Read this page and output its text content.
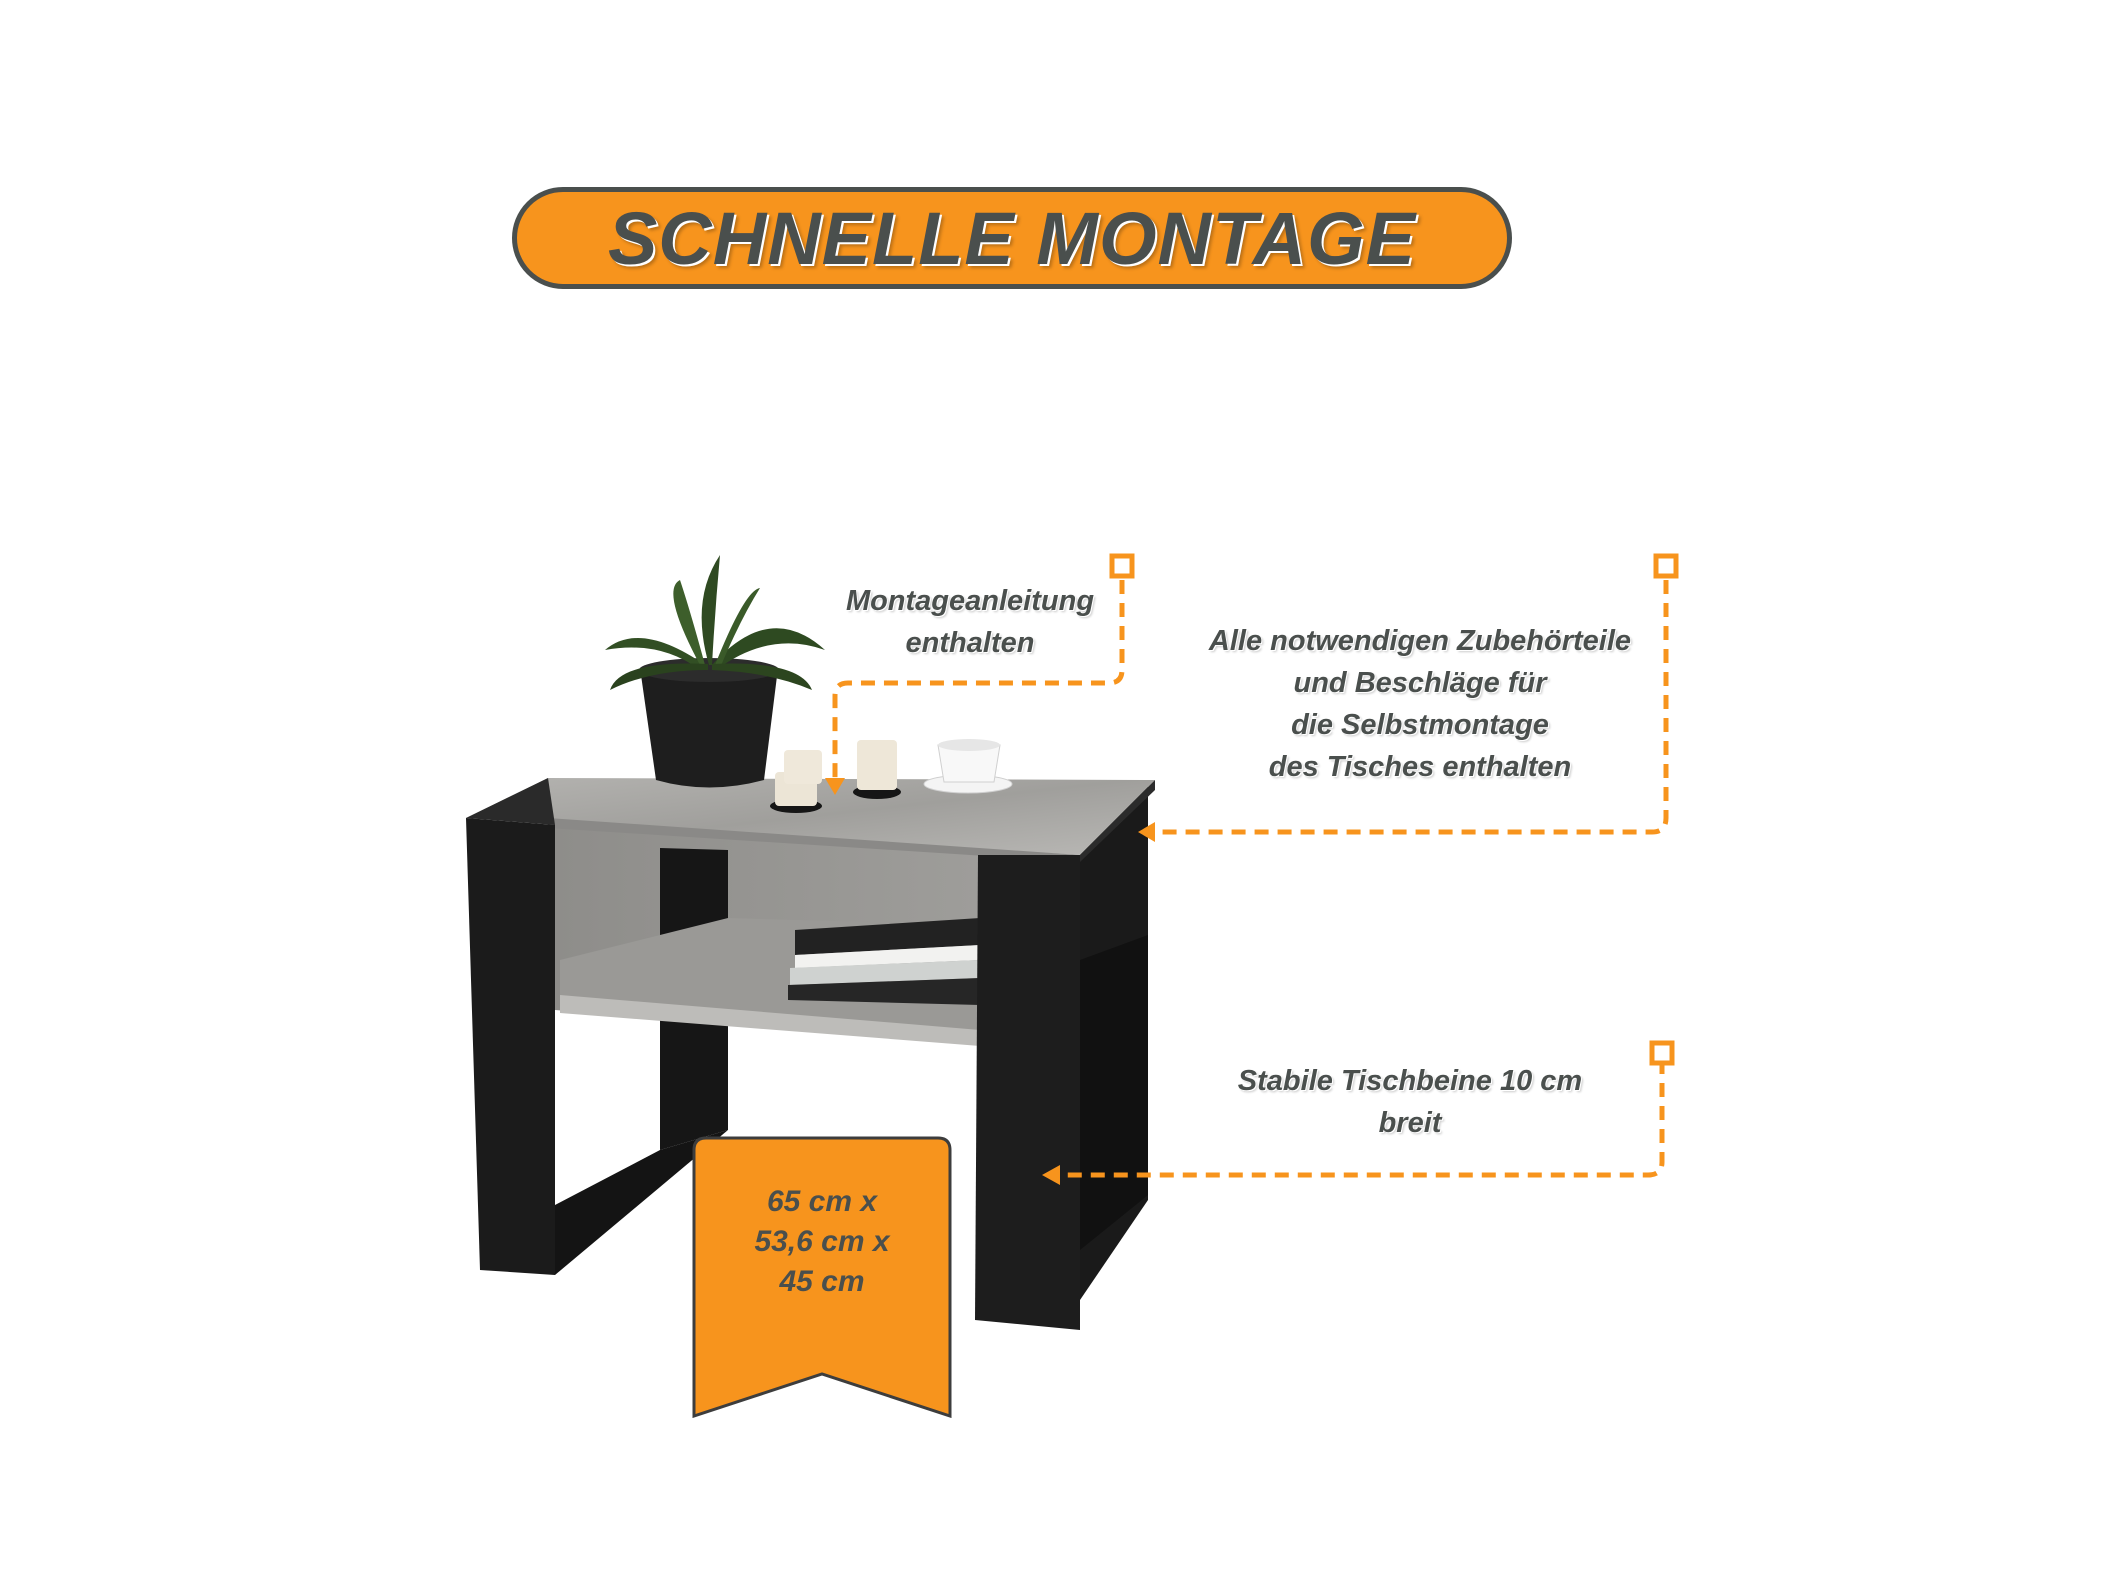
SCHNELLE MONTAGE
Montageanleitung
enthalten	Alle notwendigen Zubehörteile
und Beschläge für
die Selbstmontage
des Tisches enthalten
Stabile Tischbeine 10 cm
breit
65 cm x
53,6 cm x
45 cm
